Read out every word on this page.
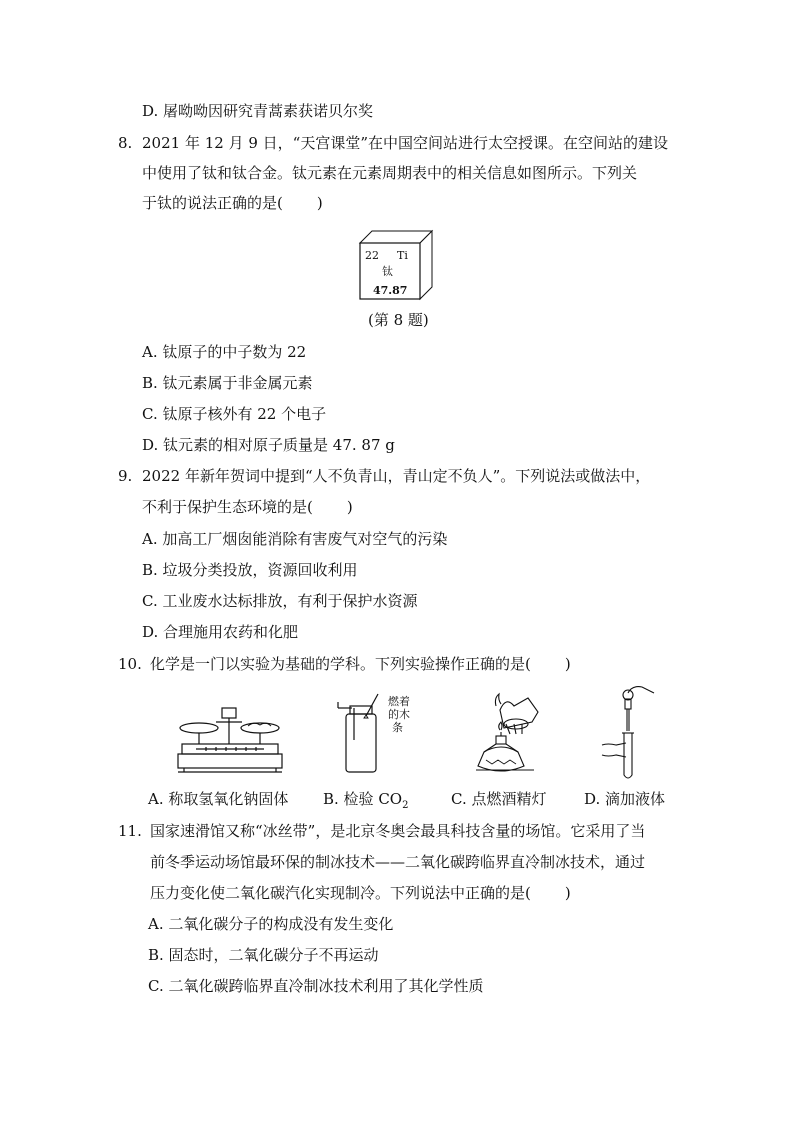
D. 屠呦呦因研究青蒿素获诺贝尔奖
8. 2021 年 12 月 9 日，“天宫课堂”在中国空间站进行太空授课。在空间站的建设
中使用了钛和钛合金。钛元素在元素周期表中的相关信息如图所示。下列关
于钛的说法正确的是( )
22 Ti
钛
47.87
(第 8 题)
A. 钛原子的中子数为 22
B. 钛元素属于非金属元素
C. 钛原子核外有 22 个电子
D. 钛元素的相对原子质量是 47. 87 g
9. 2022 年新年贺词中提到“人不负青山，青山定不负人”。下列说法或做法中，
不利于保护生态环境的是( )
A. 加高工厂烟囱能消除有害废气对空气的污染
B. 垃圾分类投放，资源回收利用
C. 工业废水达标排放，有利于保护水资源
D. 合理施用农药和化肥
10. 化学是一门以实验为基础的学科。下列实验操作正确的是( )
燃着
的木
条
A. 称取氢氧化钠固体 B. 检验 $CO_2$	C. 点燃酒精灯	D. 滴加液体
11. 国家速滑馆又称“冰丝带”，是北京冬奥会最具科技含量的场馆。它采用了当
前冬季运动场馆最环保的制冰技术——二氧化碳跨临界直冷制冰技术，通过
压力变化使二氧化碳汽化实现制冷。下列说法中正确的是( )
A. 二氧化碳分子的构成没有发生变化
B. 固态时，二氧化碳分子不再运动
C. 二氧化碳跨临界直冷制冰技术利用了其化学性质
